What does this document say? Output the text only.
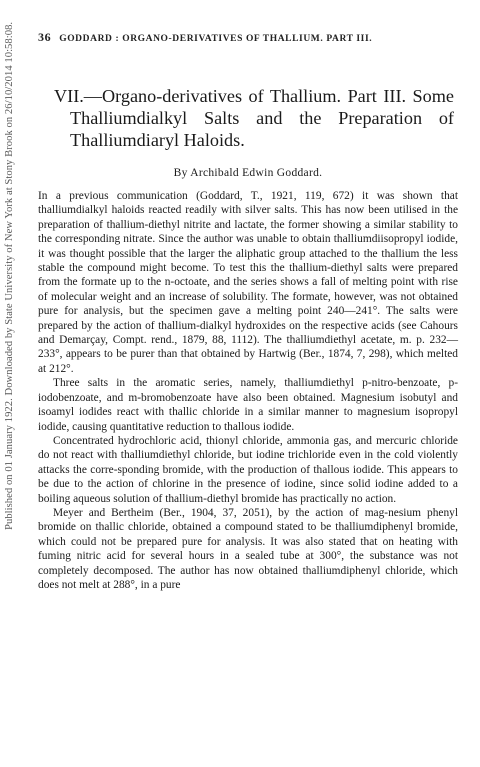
Published on 01 January 1922. Downloaded by State University of New York at Stony Brook on 26/10/2014 10:58:08. 36 GODDARD : ORGANO-DERIVATIVES OF THALLIUM. PART III.
VII.—Organo-derivatives of Thallium. Part III. Some
Thalliumdialkyl Salts and the Preparation of
Thalliumdiaryl Haloids.
By Archibald Edwin Goddard.

In a previous communication (Goddard, T., 1921, 119, 672) it was shown that thalliumdialkyl haloids reacted readily with silver salts. This has now been utilised in the preparation of thallium-diethyl nitrite and lactate, the former showing a similar stability to the corresponding nitrate. Since the author was unable to obtain thalliumdiisopropyl iodide, it was thought possible that the larger the aliphatic group attached to the thallium the less stable the compound might become. To test this the thallium-diethyl salts were prepared from the formate up to the n-octoate, and the series shows a fall of melting point with rise of molecular weight and an increase of solubility. The formate, however, was not obtained pure for analysis, but the specimen gave a melting point 240—241°. The salts were prepared by the action of thallium-dialkyl hydroxides on the respective acids (see Cahours and Demarçay, Compt. rend., 1879, 88, 1112). The thalliumdiethyl acetate, m. p. 232—233°, appears to be purer than that obtained by Hartwig (Ber., 1874, 7, 298), which melted at 212°.

Three salts in the aromatic series, namely, thalliumdiethyl p-nitro-benzoate, p-iodobenzoate, and m-bromobenzoate have also been obtained. Magnesium isobutyl and isoamyl iodides react with thallic chloride in a similar manner to magnesium isopropyl iodide, causing quantitative reduction to thallous iodide.

Concentrated hydrochloric acid, thionyl chloride, ammonia gas, and mercuric chloride do not react with thalliumdiethyl chloride, but iodine trichloride even in the cold violently attacks the corre-sponding bromide, with the production of thallous iodide. This appears to be due to the action of chlorine in the presence of iodine, since solid iodine added to a boiling aqueous solution of thallium-diethyl bromide has practically no action.

Meyer and Bertheim (Ber., 1904, 37, 2051), by the action of mag-nesium phenyl bromide on thallic chloride, obtained a compound stated to be thalliumdiphenyl bromide, which could not be prepared pure for analysis. It was also stated that on heating with fuming nitric acid for several hours in a sealed tube at 300°, the substance was not completely decomposed. The author has now obtained thalliumdiphenyl chloride, which does not melt at 288°, in a pure
